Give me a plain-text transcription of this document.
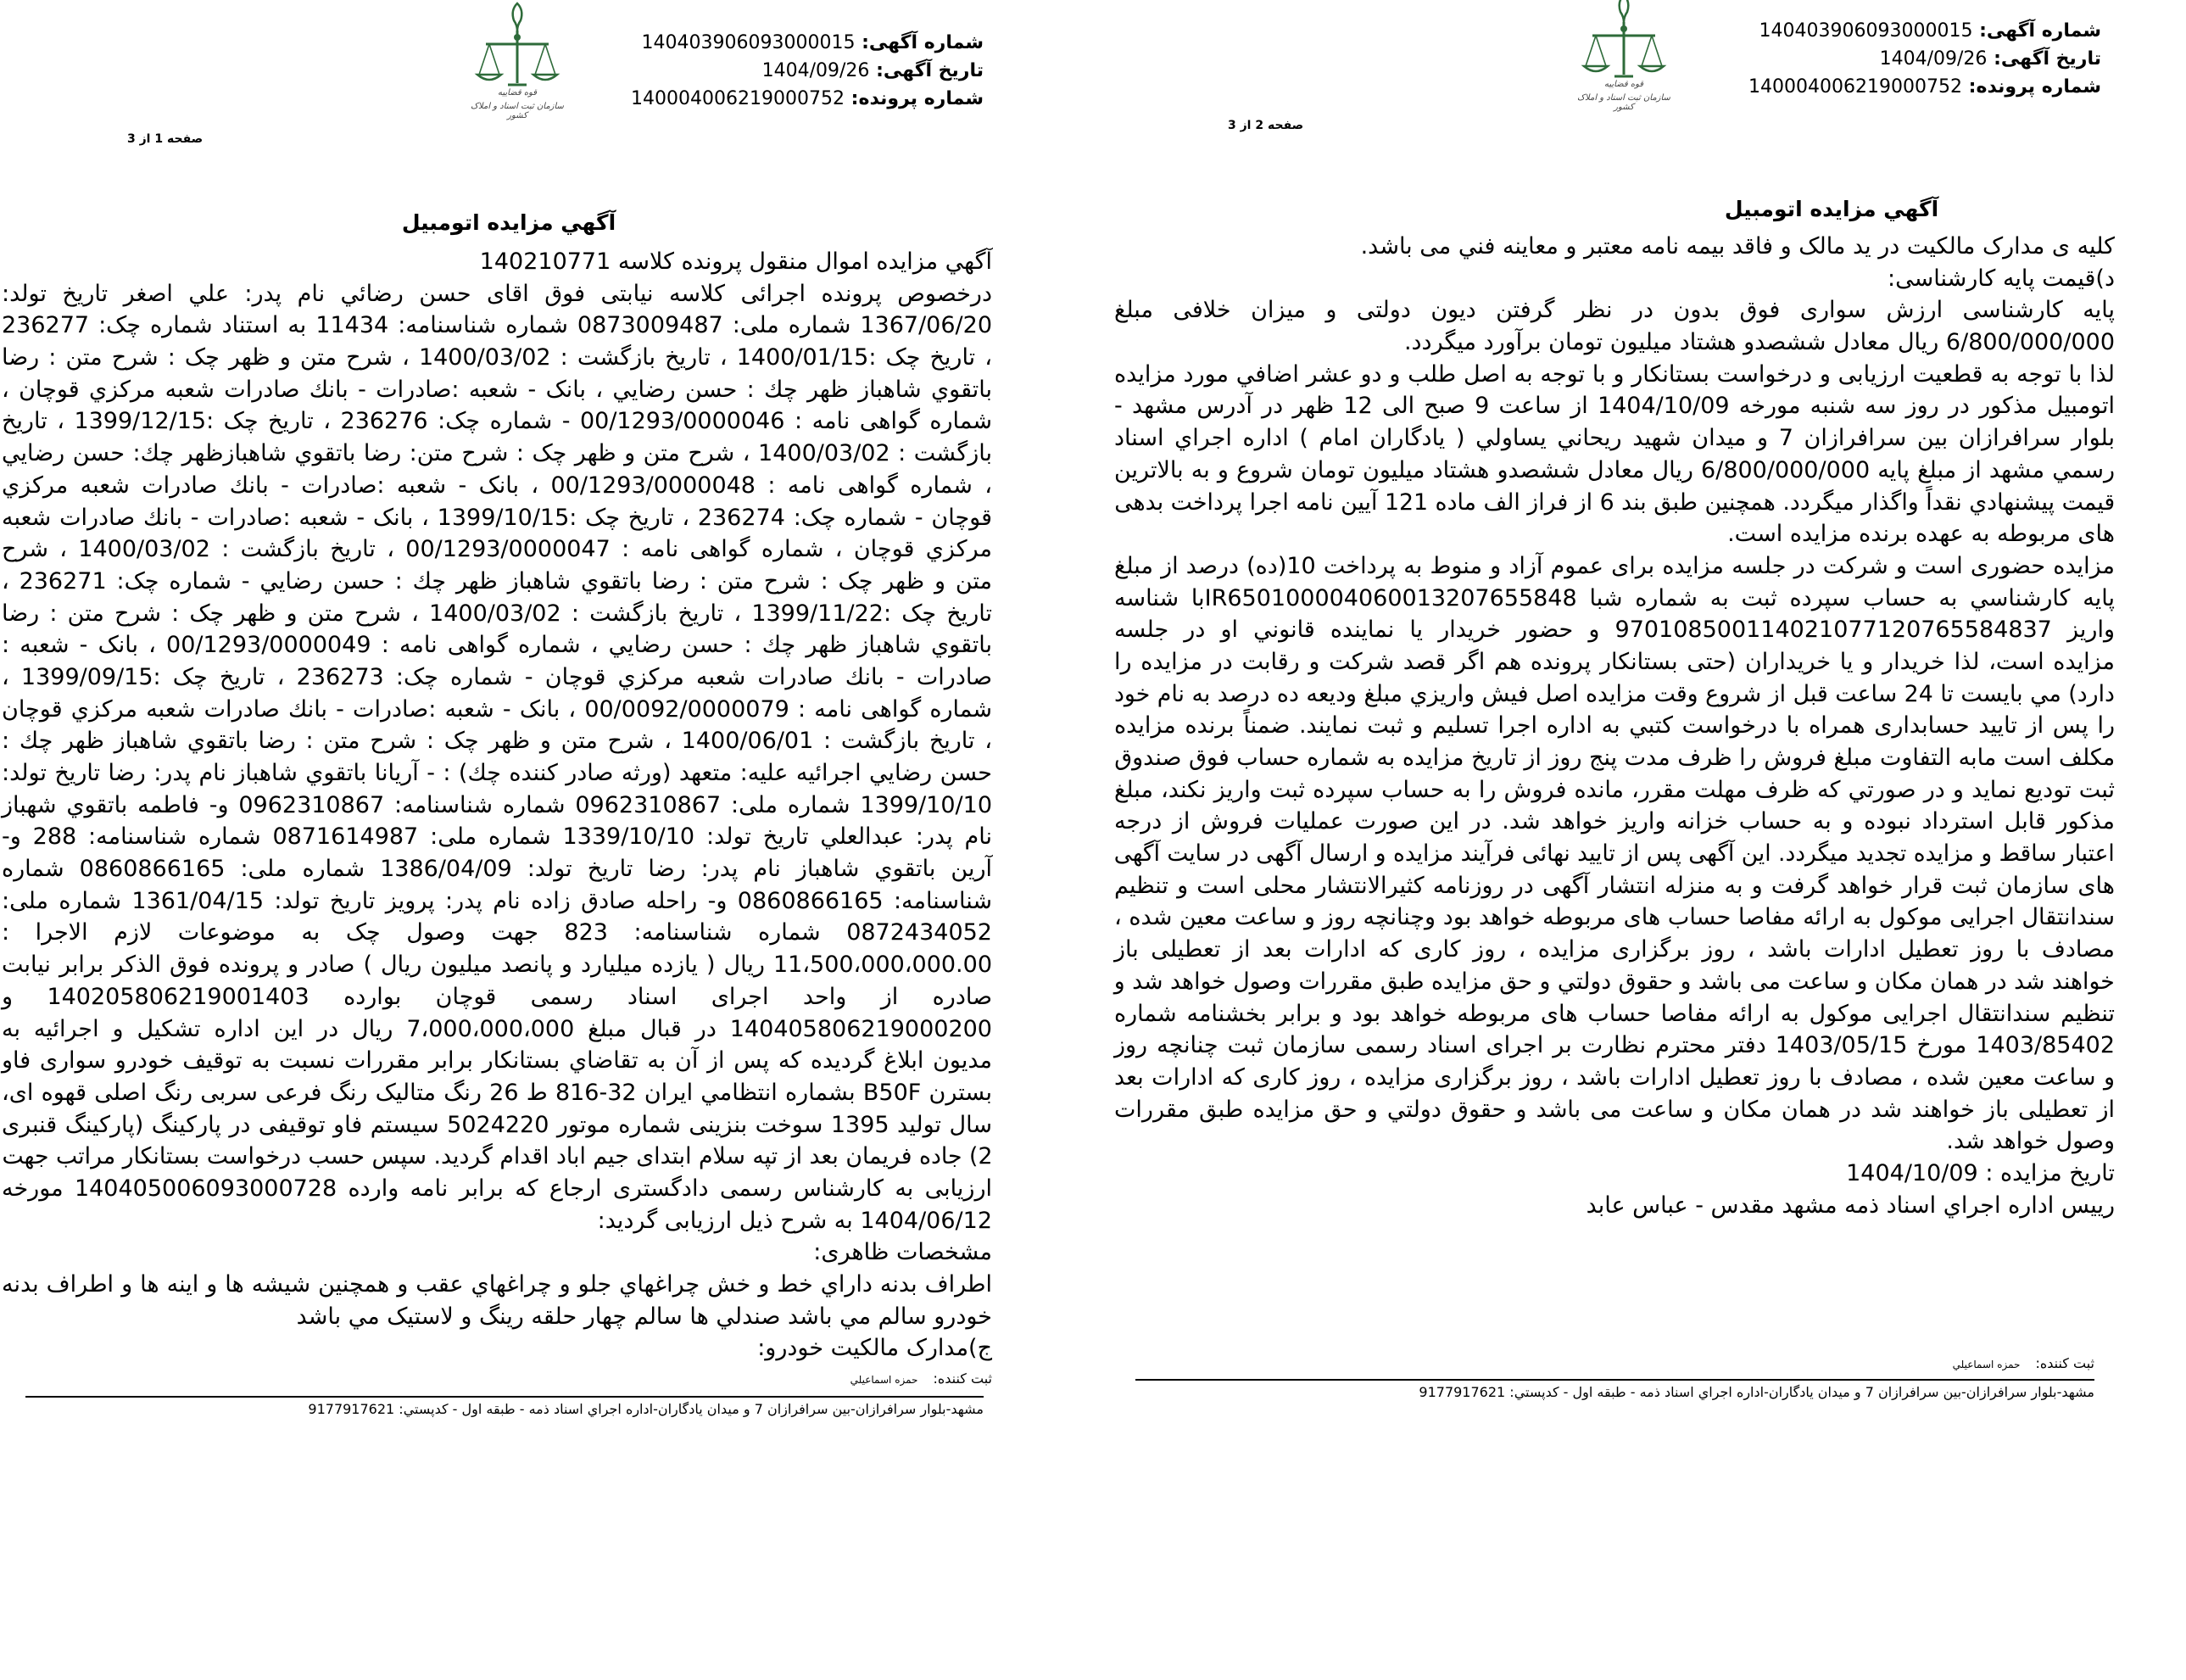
شماره آگهی: 140403906093000015
تاريخ آگهی: 1404/09/26
شماره پرونده: 14000400621900075‎2
قوه قضاييه
سازمان ثبت اسناد و املاک کشور
صفحه 1 از 3
آگهي مزايده اتومبيل
آگهي مزايده اموال منقول پرونده كلاسه 140210771
درخصوص پرونده اجرائی كلاسه نيابتی فوق اقای حسن رضائي نام پدر: علي اصغر تاريخ تولد:
1367/06/20 شماره ملی: 0873009487 شماره شناسنامه: 11434 به استناد شماره چک: 236277
، تاريخ چک :1400/01/15 ، تاريخ بازگشت : 1400/03/02 ، شرح متن و ظهر چک : شرح متن : رضا
باتقوي شاهباز ظهر چك : حسن رضايي ، بانک - شعبه :صادرات - بانك صادرات شعبه مرکزي قوچان ،
شماره گواهی نامه : 00/1293/0000046 - شماره چک: 236276 ، تاريخ چک :1399/12/15 ، تاريخ
بازگشت : 1400/03/02 ، شرح متن و ظهر چک : شرح متن: رضا باتقوي شاهبازظهر چك: حسن رضايي
، شماره گواهی نامه : 00/1293/0000048 ، بانک - شعبه :صادرات - بانك صادرات شعبه مرکزي
قوچان - شماره چک: 236274 ، تاريخ چک :1399/10/15 ، بانک - شعبه :صادرات - بانك صادرات شعبه
مرکزي قوچان ، شماره گواهی نامه : 00/1293/0000047 ، تاريخ بازگشت : 1400/03/02 ، شرح
متن و ظهر چک : شرح متن : رضا باتقوي شاهباز ظهر چك : حسن رضايي - شماره چک: 236271 ،
تاريخ چک :1399/11/22 ، تاريخ بازگشت : 1400/03/02 ، شرح متن و ظهر چک : شرح متن : رضا
باتقوي شاهباز ظهر چك : حسن رضايي ، شماره گواهی نامه : 00/1293/0000049 ، بانک - شعبه :
صادرات - بانك صادرات شعبه مرکزي قوچان - شماره چک: 236273 ، تاريخ چک :1399/09/15 ،
شماره گواهی نامه : 00/0092/0000079 ، بانک - شعبه :صادرات - بانك صادرات شعبه مرکزي قوچان
، تاريخ بازگشت : 1400/06/01 ، شرح متن و ظهر چک : شرح متن : رضا باتقوي شاهباز ظهر چك :
حسن رضايي اجرائيه عليه: متعهد (ورثه صادر كننده چك) : - آريانا باتقوي شاهباز نام پدر: رضا تاريخ تولد:
1399/10/10 شماره ملی: 0962310867 شماره شناسنامه: 0962310867 و- فاطمه باتقوي شهباز
نام پدر: عبدالعلي تاريخ تولد: 1339/10/10 شماره ملی: 0871614987 شماره شناسنامه: 288 و-
آرين باتقوي شاهباز نام پدر: رضا تاريخ تولد: 1386/04/09 شماره ملی: 0860866165 شماره
شناسنامه: 0860866165 و- راحله صادق زاده نام پدر: پرويز تاريخ تولد: 1361/04/15 شماره ملی:
0872434052 شماره شناسنامه: 823 جهت وصول چک به موضوعات لازم الاجرا :
11،500،000،000.00 ريال ( يازده ميليارد و پانصد ميليون ريال ) صادر و پرونده فوق الذكر برابر نيابت
صادره از واحد اجرای اسناد رسمی قوچان بوارده 140205806219001403 و
140405806219000200 در قبال مبلغ 7،000،000،000 ريال در اين اداره تشكيل و اجرائيه به
مديون ابلاغ گرديده كه پس از آن به تقاضاي بستانكار برابر مقررات نسبت به توقيف خودرو سواری فاو
بسترن B50F بشماره انتظامي ايران 32-816 ط 26 رنگ متاليک رنگ فرعی سربی رنگ اصلی قهوه ای،
سال توليد 1395 سوخت بنزينی شماره موتور 5024220 سيستم فاو توقيفی در پاركينگ (پاركينگ قنبری
2) جاده فريمان بعد از تپه سلام ابتدای جيم اباد اقدام گرديد. سپس حسب درخواست بستانكار مراتب جهت
ارزيابی به كارشناس رسمی دادگستری ارجاع كه برابر نامه وارده 140405006093000728 مورخه
1404/06/12 به شرح ذيل ارزيابی گرديد:
مشخصات ظاهری:
اطراف بدنه داراي خط و خش چراغهاي جلو و چراغهاي عقب و همچنين شيشه ها و اينه ها و اطراف بدنه
خودرو سالم مي باشد صندلي ها سالم چهار حلقه رينگ و لاستيک مي باشد
ج)مدارک مالکيت خودرو:
ثبت كننده:حمزه اسماعيلي
مشهد-بلوار سرافرازان-بين سرافرازان 7 و ميدان يادگاران-اداره اجراي اسناد ذمه - طبقه اول - كدپستي: 9177917621
شماره آگهی: 140403906093000015
تاريخ آگهی: 1404/09/26
شماره پرونده: 140004006219000752
قوه قضاييه
سازمان ثبت اسناد و املاک کشور
صفحه 2 از 3
آگهي مزايده اتومبيل
كليه ی مدارک مالكيت در يد مالک و فاقد بيمه نامه معتبر و معاينه فني می باشد.
د)قيمت پايه كارشناسی:
پايه كارشناسی ارزش سواری فوق بدون در نظر گرفتن ديون دولتی و ميزان خلافی مبلغ
6/800/000/000 ريال معادل ششصدو هشتاد ميليون تومان برآورد ميگردد.
لذا با توجه به قطعيت ارزيابی و درخواست بستانكار و با توجه به اصل طلب و دو عشر اضافي مورد مزايده
اتومبيل مذكور در روز سه شنبه مورخه 1404/10/09 از ساعت 9 صبح الی 12 ظهر در آدرس مشهد -
بلوار سرافرازان بين سرافرازان 7 و ميدان شهيد ريحاني يساولي ( يادگاران امام ) اداره اجراي اسناد
رسمي مشهد از مبلغ پايه 6/800/000/000 ريال معادل ششصدو هشتاد ميليون تومان شروع و به بالاترين
قيمت پيشنهادي نقداً واگذار ميگردد. همچنين طبق بند 6 از فراز الف ماده 121 آيين نامه اجرا پرداخت بدهی
های مربوطه به عهده برنده مزايده است.
مزايده حضوری است و شركت در جلسه مزايده برای عموم آزاد و منوط به پرداخت 10(ده) درصد از مبلغ
پايه كارشناسي به حساب سپرده ثبت به شماره شبا IR650100004060013207655848با شناسه
واريز 970108500114021077120765584837 و حضور خريدار يا نماينده قانوني او در جلسه
مزايده است، لذا خريدار و يا خريداران (حتی بستانكار پرونده هم اگر قصد شركت و رقابت در مزايده را
دارد) مي بايست تا 24 ساعت قبل از شروع وقت مزايده اصل فيش واريزي مبلغ وديعه ده درصد به نام خود
را پس از تاييد حسابداری همراه با درخواست كتبي به اداره اجرا تسليم و ثبت نمايند. ضمناً برنده مزايده
مكلف است مابه التفاوت مبلغ فروش را ظرف مدت پنج روز از تاريخ مزايده به شماره حساب فوق صندوق
ثبت توديع نمايد و در صورتي كه ظرف مهلت مقرر، مانده فروش را به حساب سپرده ثبت واريز نكند، مبلغ
مذكور قابل استرداد نبوده و به حساب خزانه واريز خواهد شد. در اين صورت عمليات فروش از درجه
اعتبار ساقط و مزايده تجديد ميگردد. اين آگهی پس از تاييد نهائی فرآيند مزايده و ارسال آگهی در سايت آگهی
های سازمان ثبت قرار خواهد گرفت و به منزله انتشار آگهی در روزنامه كثيرالانتشار محلی است و تنظيم
سندانتقال اجرايی موكول به ارائه مفاصا حساب های مربوطه خواهد بود وچنانچه روز و ساعت معين شده ،
مصادف با روز تعطيل ادارات باشد ، روز برگزاری مزايده ، روز كاری كه ادارات بعد از تعطيلی باز
خواهند شد در همان مكان و ساعت می باشد و حقوق دولتي و حق مزايده طبق مقررات وصول خواهد شد و
تنظيم سندانتقال اجرايی موكول به ارائه مفاصا حساب های مربوطه خواهد بود و برابر بخشنامه شماره
1403/85402 مورخ 1403/05/15 دفتر محترم نظارت بر اجرای اسناد رسمی سازمان ثبت چنانچه روز
و ساعت معين شده ، مصادف با روز تعطيل ادارات باشد ، روز برگزاری مزايده ، روز كاری كه ادارات بعد
از تعطيلی باز خواهند شد در همان مكان و ساعت می باشد و حقوق دولتي و حق مزايده طبق مقررات
وصول خواهد شد.
تاريخ مزايده : 1404/10/09
رييس اداره اجراي اسناد ذمه مشهد مقدس - عباس عابد
ثبت كننده:حمزه اسماعيلي
مشهد-بلوار سرافرازان-بين سرافرازان 7 و ميدان يادگاران-اداره اجراي اسناد ذمه - طبقه اول - كدپستي: 9177917621
